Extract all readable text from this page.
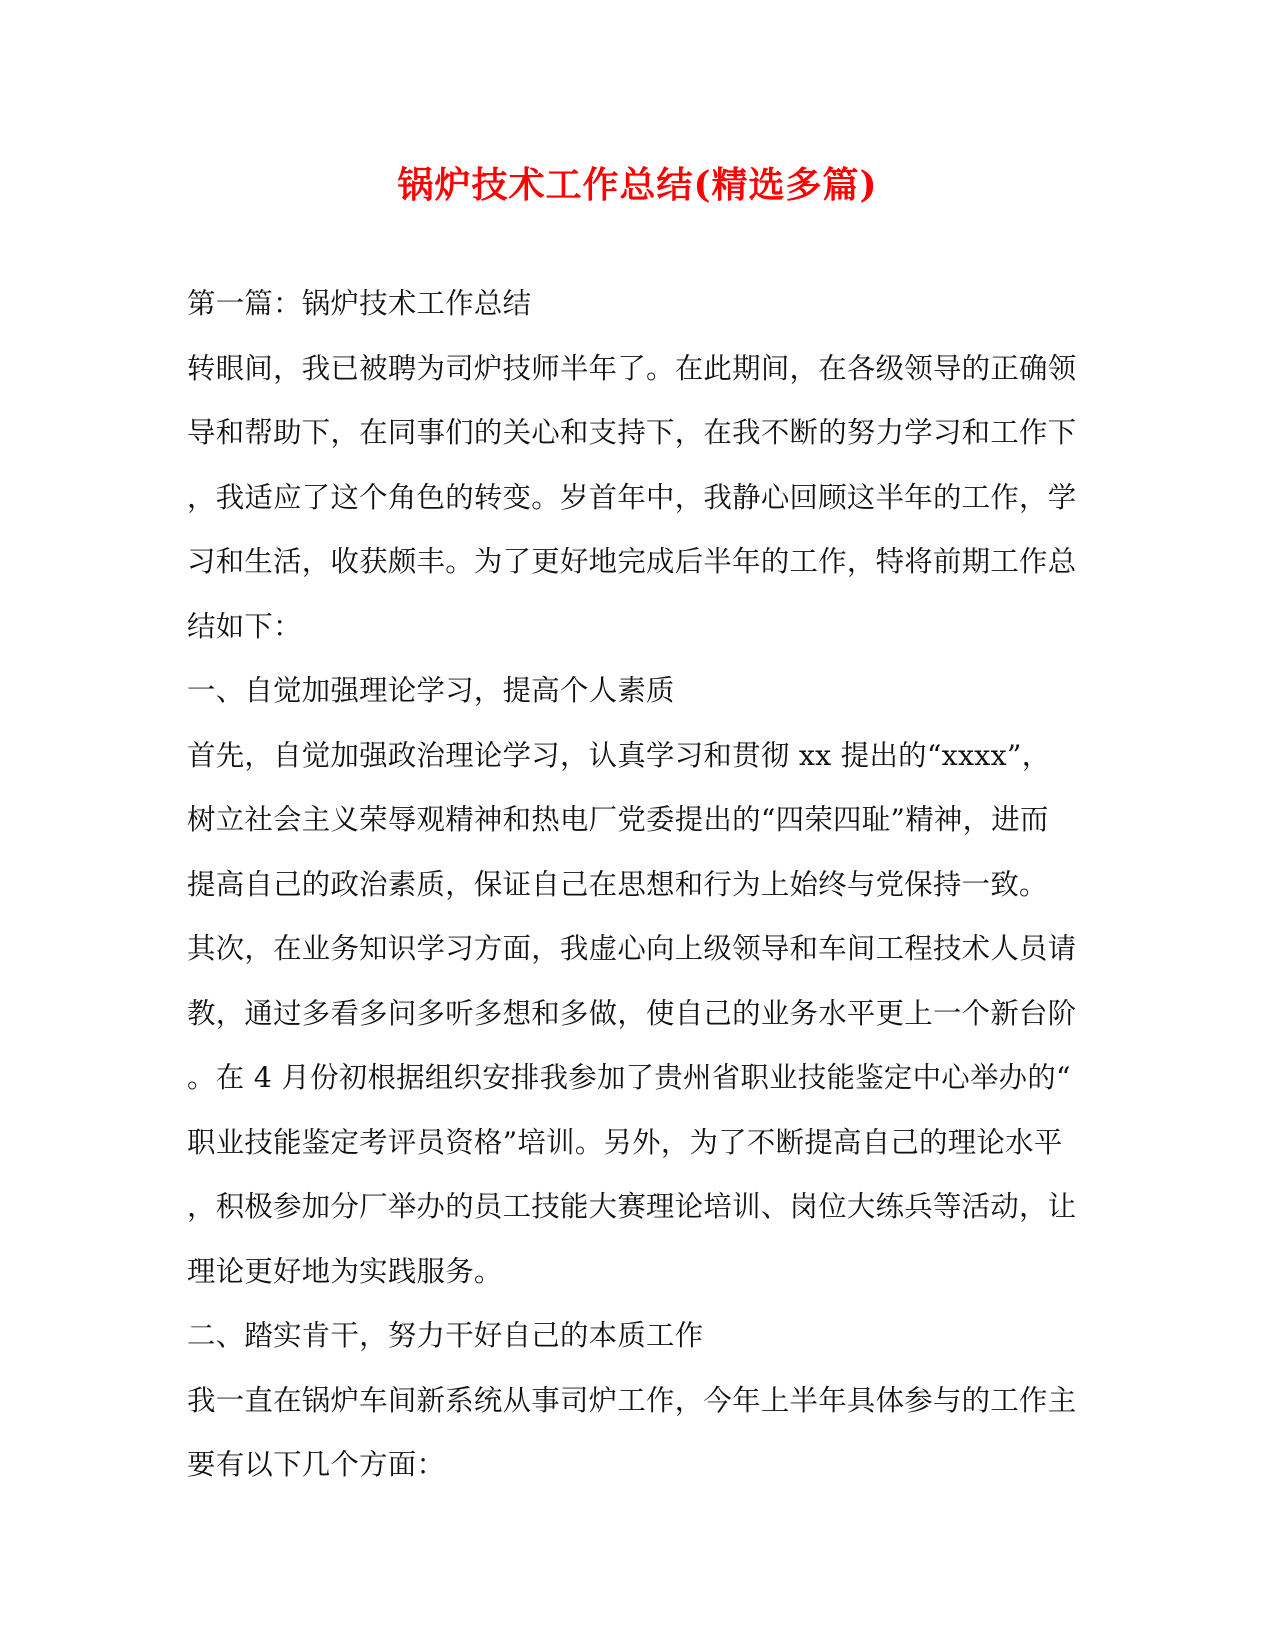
锅炉技术工作总结(精选多篇)
第一篇：锅炉技术工作总结
转眼间，我已被聘为司炉技师半年了。在此期间，在各级领导的正确领
导和帮助下，在同事们的关心和支持下，在我不断的努力学习和工作下
，我适应了这个角色的转变。岁首年中，我静心回顾这半年的工作，学
习和生活，收获颇丰。为了更好地完成后半年的工作，特将前期工作总
结如下：
一、自觉加强理论学习，提高个人素质
首先，自觉加强政治理论学习，认真学习和贯彻 xx 提出的“xxxx”，
树立社会主义荣辱观精神和热电厂党委提出的“四荣四耻”精神，进而
提高自己的政治素质，保证自己在思想和行为上始终与党保持一致。
其次，在业务知识学习方面，我虚心向上级领导和车间工程技术人员请
教，通过多看多问多听多想和多做，使自己的业务水平更上一个新台阶
。在 4 月份初根据组织安排我参加了贵州省职业技能鉴定中心举办的“
职业技能鉴定考评员资格”培训。另外，为了不断提高自己的理论水平
，积极参加分厂举办的员工技能大赛理论培训、岗位大练兵等活动，让
理论更好地为实践服务。
二、踏实肯干，努力干好自己的本质工作
我一直在锅炉车间新系统从事司炉工作，今年上半年具体参与的工作主
要有以下几个方面：
